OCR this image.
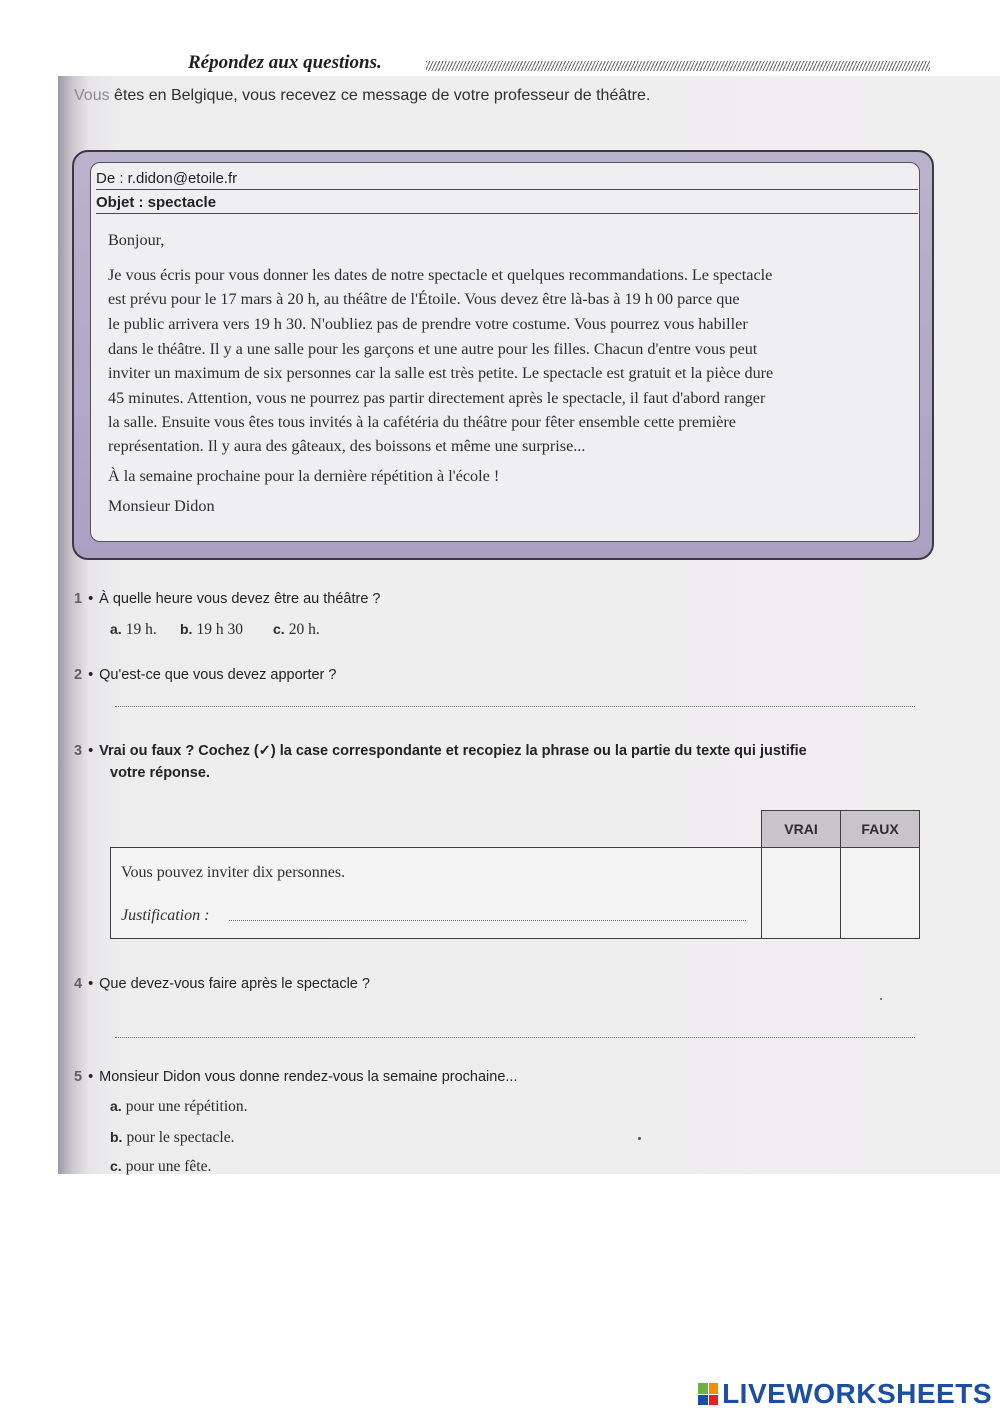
Répondez aux questions.
Vous êtes en Belgique, vous recevez ce message de votre professeur de théâtre.
De : r.didon@etoile.fr
Objet : spectacle
Bonjour,
Je vous écris pour vous donner les dates de notre spectacle et quelques recommandations. Le spectacle
est prévu pour le 17 mars à 20 h, au théâtre de l'Étoile. Vous devez être là-bas à 19 h 00 parce que
le public arrivera vers 19 h 30. N'oubliez pas de prendre votre costume. Vous pourrez vous habiller
dans le théâtre. Il y a une salle pour les garçons et une autre pour les filles. Chacun d'entre vous peut
inviter un maximum de six personnes car la salle est très petite. Le spectacle est gratuit et la pièce dure
45 minutes. Attention, vous ne pourrez pas partir directement après le spectacle, il faut d'abord ranger
la salle. Ensuite vous êtes tous invités à la cafétéria du théâtre pour fêter ensemble cette première
représentation. Il y aura des gâteaux, des boissons et même une surprise...
À la semaine prochaine pour la dernière répétition à l'école !
Monsieur Didon
1 • À quelle heure vous devez être au théâtre ?
a. 19 h. b. 19 h 30 c. 20 h.
2 • Qu'est-ce que vous devez apporter ?
3 • Vrai ou faux ? Cochez (✓) la case correspondante et recopiez la phrase ou la partie du texte qui justifie
votre réponse.
VRAI	FAUX
Vous pouvez inviter dix personnes.
Justification :
4 • Que devez-vous faire après le spectacle ?
5 • Monsieur Didon vous donne rendez-vous la semaine prochaine...
a. pour une répétition.
b. pour le spectacle.
c. pour une fête.
LIVEWORKSHEETS
